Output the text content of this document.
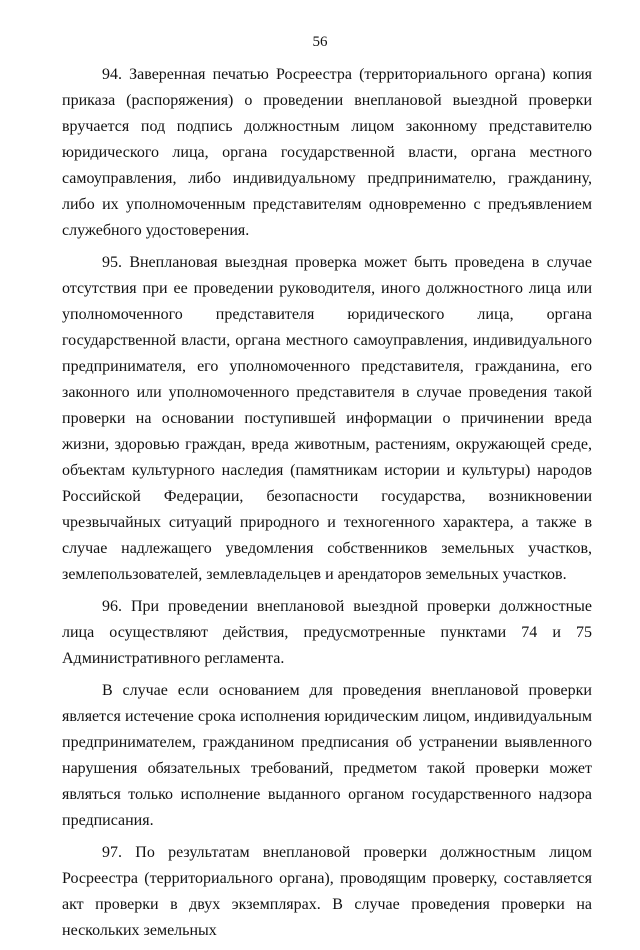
56

94. Заверенная печатью Росреестра (территориального органа) копия приказа (распоряжения) о проведении внеплановой выездной проверки вручается под подпись должностным лицом законному представителю юридического лица, органа государственной власти, органа местного самоуправления, либо индивидуальному предпринимателю, гражданину, либо их уполномоченным представителям одновременно с предъявлением служебного удостоверения.

95. Внеплановая выездная проверка может быть проведена в случае отсутствия при ее проведении руководителя, иного должностного лица или уполномоченного представителя юридического лица, органа государственной власти, органа местного самоуправления, индивидуального предпринимателя, его уполномоченного представителя, гражданина, его законного или уполномоченного представителя в случае проведения такой проверки на основании поступившей информации о причинении вреда жизни, здоровью граждан, вреда животным, растениям, окружающей среде, объектам культурного наследия (памятникам истории и культуры) народов Российской Федерации, безопасности государства, возникновении чрезвычайных ситуаций природного и техногенного характера, а также в случае надлежащего уведомления собственников земельных участков, землепользователей, землевладельцев и арендаторов земельных участков.

96. При проведении внеплановой выездной проверки должностные лица осуществляют действия, предусмотренные пунктами 74 и 75 Административного регламента.

В случае если основанием для проведения внеплановой проверки является истечение срока исполнения юридическим лицом, индивидуальным предпринимателем, гражданином предписания об устранении выявленного нарушения обязательных требований, предметом такой проверки может являться только исполнение выданного органом государственного надзора предписания.

97. По результатам внеплановой проверки должностным лицом Росреестра (территориального органа), проводящим проверку, составляется акт проверки в двух экземплярах. В случае проведения проверки на нескольких земельных
